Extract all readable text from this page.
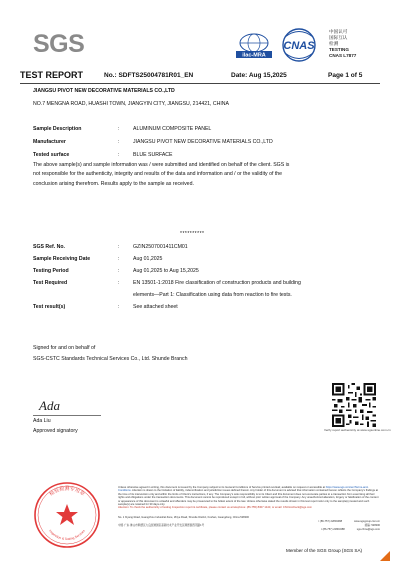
SGS	ilac-MRA
CNAS
中国认可
国际互认
检测
TESTING
CNAS L7877
TEST REPORT	No.: SDFTS25004781R01_EN	Date: Aug 15,2025	Page 1 of 5
JIANGSU PIVOT NEW DECORATIVE MATERIALS CO.,LTD
NO.7 MENGNA ROAD, HUASHI TOWN, JIANGYIN CITY, JIANGSU, 214421, CHINA
Sample Description	:	ALUMINUM COMPOSITE PANEL
Manufacturer	:	JIANGSU PIVOT NEW DECORATIVE MATERIALS CO.,LTD
Tested surface	:	BLUE SURFACE
The above sample(s) and sample information was / were submitted and identified on behalf of the client. SGS is
not responsible for the authenticity, integrity and results of the data and information and / or the validity of the
conclusion arising therefrom. Results apply to the sample as received.
**********
SGS Ref. No.	:	GZIN2507001411CM01
Sample Receiving Date	:	Aug 01,2025
Testing Period	:	Aug 01,2025 to Aug 15,2025
Test Required	:	EN 13501-1:2018 Fire classification of construction products and building
elements—Part 1: Classification using data from reaction to fire tests.
Test result(s)	:	See attached sheet
Signed for and on behalf of
SGS-CSTC Standards Technical Services Co., Ltd. Shunde Branch
Ada
Ada Liu
Approved signatory	Verify report authenticity at www.sgsonline.com.cn
Unless otherwise agreed in writing, this document is issued by the Company subject to its General Conditions of Service printed overleaf, available on request or accessible at https://www.sgs.com/en/Terms-and-Conditions. Attention is drawn to the limitation of liability, indemnification and jurisdiction issues defined therein. Any holder of this document is advised that information contained hereon reflects the Company's findings at the time of its intervention only and within the limits of Client's instructions, if any. The Company's sole responsibility is to its Client and this document does not exonerate parties to a transaction from exercising all their rights and obligations under the transaction documents. This document cannot be reproduced except in full, without prior written approval of the Company. Any unauthorized alteration, forgery or falsification of the content or appearance of this document is unlawful and offenders may be prosecuted to the fullest extent of the law. Unless otherwise stated the results shown in this test report refer only to the sample(s) tested and such sample(s) are retained for 30 days only.
Attention: To check the authenticity of testing /inspection report & certificate, please contact us at telephone: (86-755) 8307 1443, or email: CN.Doccheck@sgs.com
No. 1 Xiyang Road, Guangzhou Industrial Zone, Zhiye Road, Shunde District, Foshan, Guangdong, China 528300
t (86-757) 22803488	www.sgsgroup.com.cn
中国·广东·佛山市顺德区大良街道国家高新技术产业开发区顺德园西苑路1号	邮编: 528300
t (86-757) 22803488	sgs.china@sgs.com
检验检测专用章
Inspection & Testing Services
Member of the SGS Group (SGS SA)
